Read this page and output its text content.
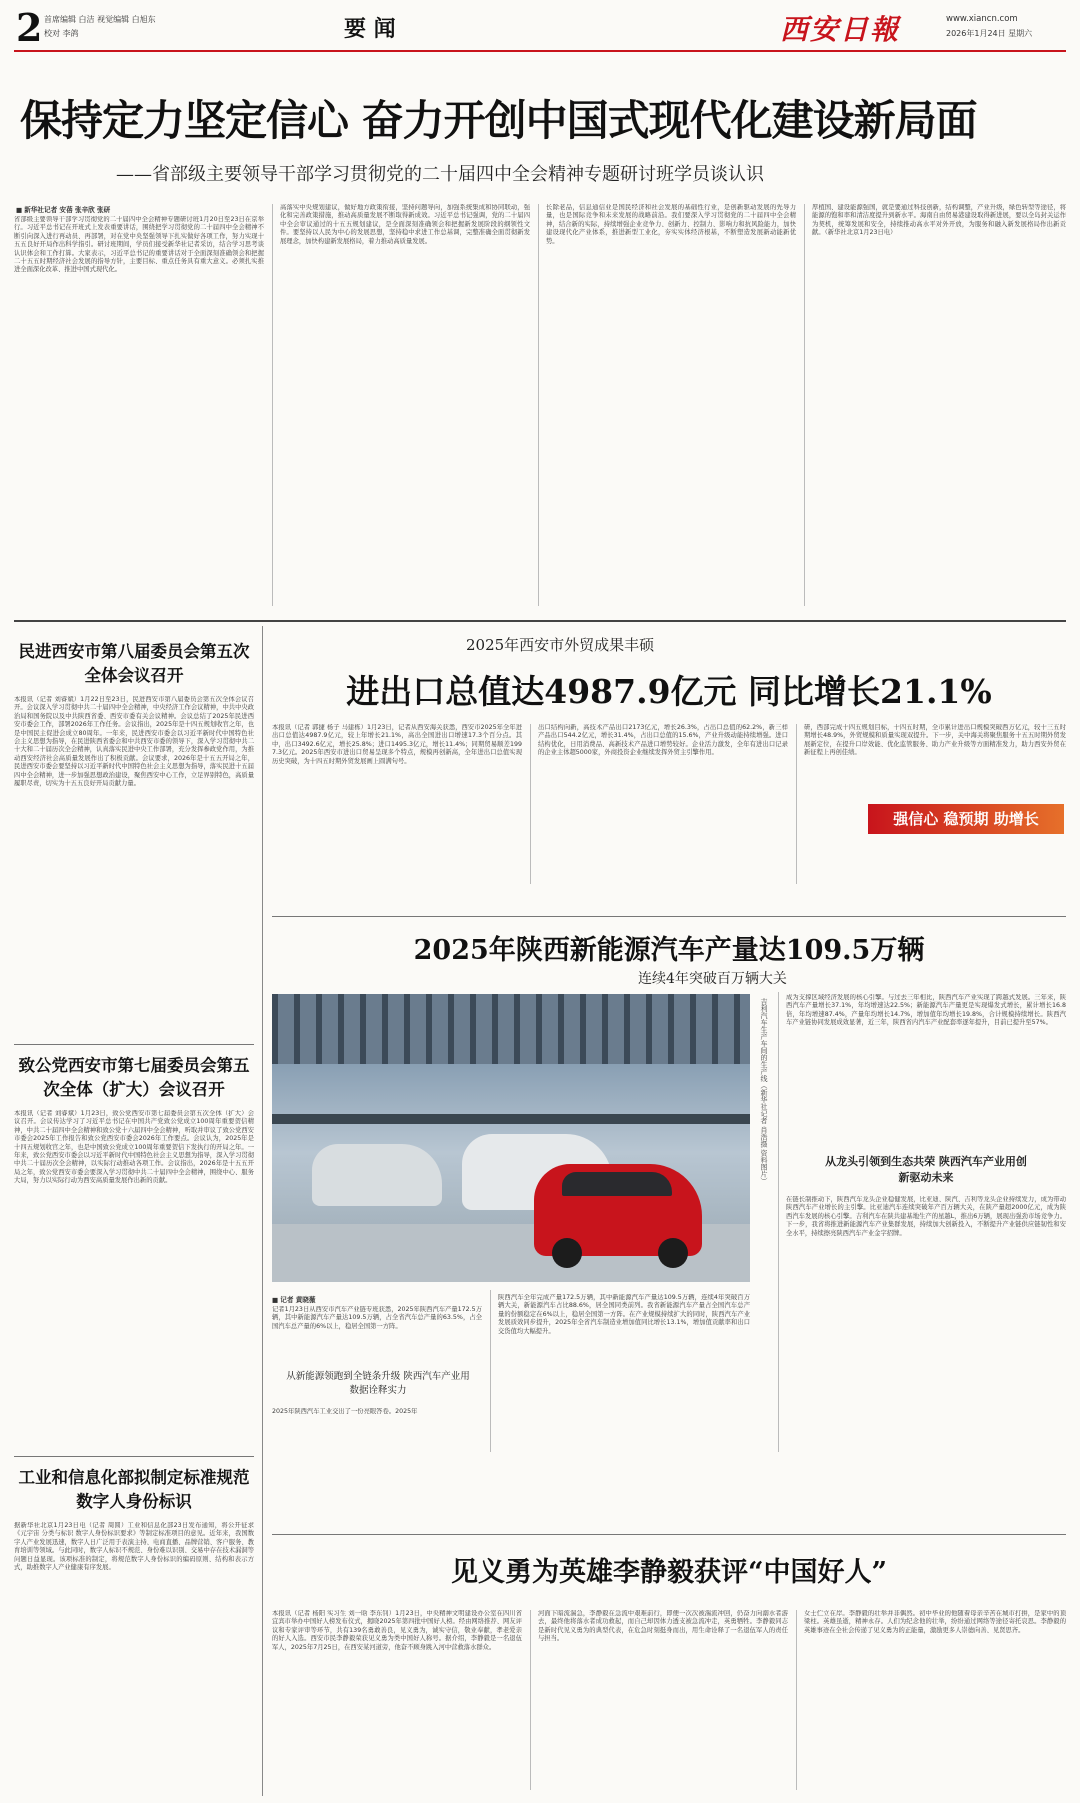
2 首席编辑 白洁 视觉编辑 白旭东
校对 李鸽	要 闻	西安日報	www.xiancn.com
2026年1月24日 星期六
保持定力坚定信心 奋力开创中国式现代化建设新局面
——省部级主要领导干部学习贯彻党的二十届四中全会精神专题研讨班学员谈认识
■ 新华社记者 安蓓 张辛欣 张研
省部级主要领导干部学习贯彻党的二十届四中全会精神专题研讨班1月20日至23日在京举行。习近平总书记在开班式上发表重要讲话，围绕把学习贯彻党的二十届四中全会精神不断引向深入进行再动员、再部署，对在党中央坚强领导下扎实做好各项工作，努力实现十五五良好开局作出科学指引。研讨班期间，学员们接受新华社记者采访，结合学习思考谈认识体会和工作打算。大家表示，习近平总书记的重要讲话对于全面深刻准确领会和把握二十五五时期经济社会发展的指导方针，主要目标、重点任务具有重大意义。必须扎实推进全面深化改革、推进中国式现代化。
高落实中央规划建议，做好地方政策衔接，坚持问题导向，加强系统集成和协同联动，强化和完善政策措施，推动高质量发展不断取得新成效。习近平总书记强调，党的二十届四中全会审议通过的十五五规划建议，是全面深刻准确领会和把握新发展阶段的纲领性文件。要坚持以人民为中心的发展思想，坚持稳中求进工作总基调，完整准确全面贯彻新发展理念，加快构建新发展格局，着力推动高质量发展。
长除老品，信息通信业是国民经济和社会发展的基础性行业，是创新驱动发展的先导力量，也是国际竞争和未来发展的战略前沿。我们要深入学习贯彻党的二十届四中全会精神，结合新的实际，持续增强企业竞争力、创新力、控制力、影响力和抗风险能力，加快建设现代化产业体系，推进新型工业化，夯实实体经济根基，不断塑造发展新动能新优势。
厚植国、建设能源强国，就是要通过科技创新，结构调整，产业升级，绿色转型等途径，将能源的饱和率和清洁度提升到新水平。海南自由贸易港建设取得新进展，要以全岛封关运作为契机，统筹发展和安全，持续推动高水平对外开放，为服务和融入新发展格局作出新贡献。（新华社北京1月23日电）
民进西安市第八届委员会第五次全体会议召开
本报讯（记者 刘睿斌）1月22日至23日，民进西安市第八届委员会第五次全体会议召开。会议深入学习贯彻中共二十届四中全会精神，中央经济工作会议精神，中共中央政治局和国务院以及中共陕西省委、西安市委有关会议精神。会议总结了2025年民进西安市委会工作，部署2026年工作任务。会议指出，2025年是十四五规划收官之年，也是中国民主促进会成立80周年。一年来，民进西安市委会以习近平新时代中国特色社会主义思想为指导，在民进陕西省委会和中共西安市委的领导下，深入学习贯彻中共二十大和二十届历次全会精神，认真落实民进中央工作部署，充分发挥参政党作用，为推动西安经济社会高质量发展作出了积极贡献。会议要求，2026年是十五五开局之年，民进西安市委会要坚持以习近平新时代中国特色社会主义思想为指导，落实民进十五届四中全会精神，进一步加强思想政治建设，聚焦西安中心工作，立足界别特色，高质量履职尽责，切实为十五五良好开局贡献力量。
致公党西安市第七届委员会第五次全体（扩大）会议召开
本报讯（记者 刘睿斌）1月23日，致公党西安市第七届委员会第五次全体（扩大）会议召开。会议传达学习了习近平总书记在中国共产党致公党成立100周年重要贺信精神，中共二十届四中全会精神和致公党十六届四中全会精神，听取并审议了致公党西安市委会2025年工作报告和致公党西安市委会2026年工作要点。会议认为，2025年是十四五规划收官之年，也是中国致公党成立100周年重要贺信下发执行的开局之年。一年来，致公党西安市委会以习近平新时代中国特色社会主义思想为指导，深入学习贯彻中共二十届历次全会精神，以实际行动推动各项工作。会议指出，2026年是十五五开局之年，致公党西安市委会要深入学习贯彻中共二十届四中全会精神，围绕中心、服务大局，努力以实际行动为西安高质量发展作出新的贡献。
工业和信息化部拟制定标准规范数字人身份标识
据新华社北京1月23日电（记者 周圆）工业和信息化部23日发布通知，将公开征求《元宇宙 分类与标识 数字人身份标识要求》等制定标准项目的意见。近年来，我国数字人产业发展迅速，数字人日广泛用于表演主持、电商直播、品牌营销、客户服务、教育培训等领域。与此同时，数字人标识不规范、身份难以识别、交易中存在技术漏洞等问题日益显现。该项标准的制定，将规范数字人身份标识的编码原则、结构和表示方式，助推数字人产业健康有序发展。
2025年西安市外贸成果丰硕
进出口总值达4987.9亿元 同比增长21.1%
本报讯（记者 郭捷 杨子 马建栋）1月23日，记者从西安海关获悉，西安市2025年全年进出口总值达4987.9亿元，较上年增长21.1%，高出全国进出口增速17.3个百分点。其中，出口3492.6亿元，增长25.8%；进口1495.3亿元，增长11.4%；同期贸易顺差1997.3亿元。2025年西安市进出口贸易呈现多个特点，规模再创新高，全年进出口总值实现历史突破，为十四五时期外贸发展画上圆满句号。
出口结构向新，高技术产品出口2173亿元，增长26.3%，占出口总值的62.2%，新三样产品出口544.2亿元，增长31.4%，占出口总值的15.6%，产业升级动能持续增强。进口结构优化，日用消费品、高新技术产品进口增势较好。企业活力激发，全年有进出口记录的企业主体超5000家，外商投资企业继续发挥外贸主引擎作用。
研，西部完成十四五规划目标，十四五时期，全市累计进出口规模突破西万亿元，较十三五时期增长48.9%，外贸规模和质量实现双提升。下一步，关中海关将聚焦服务十五五时期外贸发展新定位，在提升口岸效能、优化监管服务、助力产业升级等方面精准发力，助力西安外贸在新征程上再创佳绩。
强信心 稳预期 助增长
2025年陕西新能源汽车产量达109.5万辆
连续4年突破百万辆大关
吉利汽车生产车间的生产线（新华社记者 肖浩摄 资料图片）
■ 记者 黄晓薇
记者1月23日从西安市汽车产业链专班获悉，2025年陕西汽车产量172.5万辆，其中新能源汽车产量达109.5万辆，占全省汽车总产量的63.5%，占全国汽车总产量的6%以上，稳居全国第一方阵。
从新能源领跑到全链条升级 陕西汽车产业用数据诠释实力
2025年陕西汽车工业交出了一份亮眼答卷。2025年
陕西汽车全年完成产量172.5万辆，其中新能源汽车产量达109.5万辆，连续4年突破百万辆大关，新能源汽车占比88.6%，居全国同类前列。我省新能源汽车产量占全国汽车总产量的份额稳定在6%以上，稳居全国第一方阵。在产业规模持续扩大的同时，陕西汽车产业发展质效同步提升，2025年全省汽车制造业增加值同比增长13.1%，增加值贡献率和出口交货值均大幅提升。
成为支撑区域经济发展的核心引擎。与过去三年相比，陕西汽车产业实现了跨越式发展。三年来，陕西汽车产量增长37.1%，年均增速达22.5%；新能源汽车产量更是实现爆发式增长，累计增长16.8倍，年均增速87.4%，产量年均增长14.7%，增加值年均增长19.8%，合计规模持续增长。陕西汽车产业链协同发展成效显著，近三年，陕西省内汽车产业配套率逐年提升，目前已提升至57%。
从龙头引领到生态共荣 陕西汽车产业用创新驱动未来
在链长制推动下，陕西汽车龙头企业稳健发展，比亚迪、陕汽、吉利等龙头企业持续发力，成为带动陕西汽车产业增长的主引擎。比亚迪汽车连续突破年产百万辆大关，在陕产量超2000亿元，成为陕西汽车发展的核心引擎。吉利汽车在陕共建基地生产的星越L，推出6万辆，展现出强劲市场竞争力。下一步，我省将推进新能源汽车产业集群发展，持续加大创新投入，不断提升产业链供应链韧性和安全水平，持续擦亮陕西汽车产业金字招牌。
见义勇为英雄李静毅获评“中国好人”
本报讯（记者 杨阳 实习生 刘一晗 李东钊）1月23日，中央精神文明建设办公室在四川省宜宾市举办中国好人榜发布仪式，揭晓2025年第四批中国好人榜。经由网络推荐、网友评议和专家评审等环节，共有139名勇敢善良，见义勇为，诚实守信，敬业奉献，孝老爱亲的好人入选。西安市民李静毅荣获见义勇为类中国好人称号。据介绍，李静毅是一名退伍军人，2025年7月25日，在西安某河道旁，他奋不顾身跳入河中营救落水群众。
河面下暗流湍急，李静毅在急流中艰难前行，即便一次次被湍流冲回，仍奋力向溺水者游去，最终他将落水者成功救起，而自己却因体力透支被急流冲走，英勇牺牲。李静毅同志是新时代见义勇为的典型代表，在危急时刻挺身而出，用生命诠释了一名退伍军人的责任与担当。
女士伫立在岸。李静毅的壮举并非偶然。初中毕业的他随着母亲辛苦在城市打拼，是家中的顶梁柱。英雄虽逝，精神永存。人们为纪念他的壮举，纷纷通过网络等途径寄托哀思。李静毅的英雄事迹在全社会传递了见义勇为的正能量，激励更多人崇德向善、见贤思齐。
